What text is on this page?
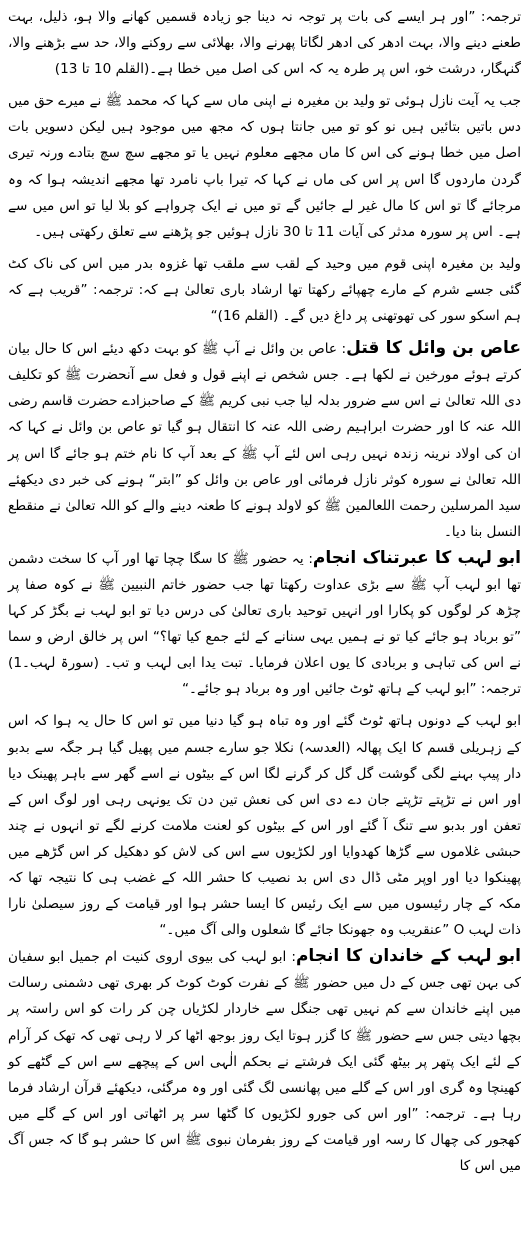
ترجمہ: ”اور ہر ایسے کی بات پر توجہ نہ دینا جو زیادہ قسمیں کھانے والا ہو، ذلیل، بہت طعنے دینے والا، بہت ادھر کی ادھر لگاتا پھرنے والا، بھلائی سے روکنے والا، حد سے بڑھنے والا، گنہگار، درشت خو، اس پر طرہ یہ کہ اس کی اصل میں خطا ہے۔(القلم 10 تا 13)

جب یہ آیت نازل ہوئی تو ولید بن مغیرہ نے اپنی ماں سے کہا کہ محمد ﷺ نے میرے حق میں دس باتیں بتائیں ہیں نو کو تو میں جانتا ہوں کہ مجھ میں موجود ہیں لیکن دسویں بات اصل میں خطا ہونے کی اس کا ماں مجھے معلوم نہیں یا تو مجھے سچ سچ بتادے ورنہ تیری گردن ماردوں گا اس پر اس کی ماں نے کہا کہ تیرا باپ نامرد تھا مجھے اندیشہ ہوا کہ وہ مرجائے گا تو اس کا مال غیر لے جائیں گے تو میں نے ایک چرواہے کو بلا لیا تو اس میں سے ہے۔ اس پر سورہ مدثر کی آیات 11 تا 30 نازل ہوئیں جو پڑھنے سے تعلق رکھتی ہیں۔

ولید بن مغیرہ اپنی قوم میں وحید کے لقب سے ملقب تھا غزوہ بدر میں اس کی ناک کٹ گئی جسے شرم کے مارے چھپائے رکھتا تھا ارشاد باری تعالیٰ ہے کہ: ترجمہ: ”قریب ہے کہ ہم اسکو سور کی تھوتھنی پر داغ دیں گے۔ (القلم 16)“

عاص بن وائل کا قتل: عاص بن وائل نے آپ ﷺ کو بہت دکھ دیئے اس کا حال بیان کرتے ہوئے مورخین نے لکھا ہے۔ جس شخص نے اپنے قول و فعل سے آنحضرت ﷺ کو تکلیف دی اللہ تعالیٰ نے اس سے ضرور بدلہ لیا جب نبی کریم ﷺ کے صاحبزادے حضرت قاسم رضی اللہ عنہ کا اور حضرت ابراہیم رضی اللہ عنہ کا انتقال ہو گیا تو عاص بن وائل نے کہا کہ ان کی اولاد نرینہ زندہ نہیں رہی اس لئے آپ ﷺ کے بعد آپ کا نام ختم ہو جائے گا اس پر اللہ تعالیٰ نے سورہ کوثر نازل فرمائی اور عاص بن وائل کو ”ابتر“ ہونے کی خبر دی دیکھئے سید المرسلین رحمت اللعالمین ﷺ کو لاولد ہونے کا طعنہ دینے والے کو اللہ تعالیٰ نے منقطع النسل بنا دیا۔

ابو لہب کا عبرتناک انجام: یہ حضور ﷺ کا سگا چچا تھا اور آپ کا سخت دشمن تھا ابو لہب آپ ﷺ سے بڑی عداوت رکھتا تھا جب حضور خاتم النبیین ﷺ نے کوہ صفا پر چڑھ کر لوگوں کو پکارا اور انہیں توحید باری تعالیٰ کی درس دیا تو ابو لہب نے بگڑ کر کہا ”تو برباد ہو جائے کیا تو نے ہمیں یہی سنانے کے لئے جمع کیا تھا؟“ اس پر خالق ارض و سما نے اس کی تباہی و بربادی کا یوں اعلان فرمایا۔ تبت یدا ابی لہب و تب۔ (سورۃ لہب۔1) ترجمہ: ”ابو لہب کے ہاتھ ٹوٹ جائیں اور وہ برباد ہو جائے۔“

ابو لہب کے دونوں ہاتھ ٹوٹ گئے اور وہ تباہ ہو گیا دنیا میں تو اس کا حال یہ ہوا کہ اس کے زہریلی قسم کا ایک پھالہ (العدسہ) نکلا جو سارے جسم میں پھیل گیا ہر جگہ سے بدبو دار پیپ بہنے لگی گوشت گل گل کر گرنے لگا اس کے بیٹوں نے اسے گھر سے باہر پھینک دیا اور اس نے تڑپتے تڑپتے جان دے دی اس کی نعش تین دن تک یونہی رہی اور لوگ اس کے تعفن اور بدبو سے تنگ آ گئے اور اس کے بیٹوں کو لعنت ملامت کرنے لگے تو انہوں نے چند حبشی غلاموں سے گڑھا کھدوایا اور لکڑیوں سے اس کی لاش کو دھکیل کر اس گڑھے میں پھینکوا دیا اور اوپر مٹی ڈال دی اس بد نصیب کا حشر اللہ کے غضب ہی کا نتیجہ تھا کہ مکہ کے چار رئیسوں میں سے ایک رئیس کا ایسا حشر ہوا اور قیامت کے روز سیصلیٰ نارا ذات لہب O ”عنقریب وہ جھونکا جائے گا شعلوں والی آگ میں۔“

ابو لہب کے خاندان کا انجام: ابو لہب کی بیوی اروی کنیت ام جمیل ابو سفیان کی بہن تھی جس کے دل میں حضور ﷺ کے نفرت کوٹ کوٹ کر بھری تھی دشمنی رسالت میں اپنے خاندان سے کم نہیں تھی جنگل سے خاردار لکڑیاں چن کر رات کو اس راستہ پر بچھا دیتی جس سے حضور ﷺ کا گزر ہوتا ایک روز بوجھ اٹھا کر لا رہی تھی کہ تھک کر آرام کے لئے ایک پتھر پر بیٹھ گئی ایک فرشتے نے بحکم الٰہی اس کے پیچھے سے اس کے گٹھے کو کھینچا وہ گری اور اس کے گلے میں پھانسی لگ گئی اور وہ مرگئی، دیکھئے قرآن ارشاد فرما رہا ہے۔ ترجمہ: ”اور اس کی جورو لکڑیوں کا گٹھا سر پر اٹھاتی اور اس کے گلے میں کھجور کی چھال کا رسہ اور قیامت کے روز بفرمان نبوی ﷺ اس کا حشر ہو گا کہ جس آگ میں اس کا
